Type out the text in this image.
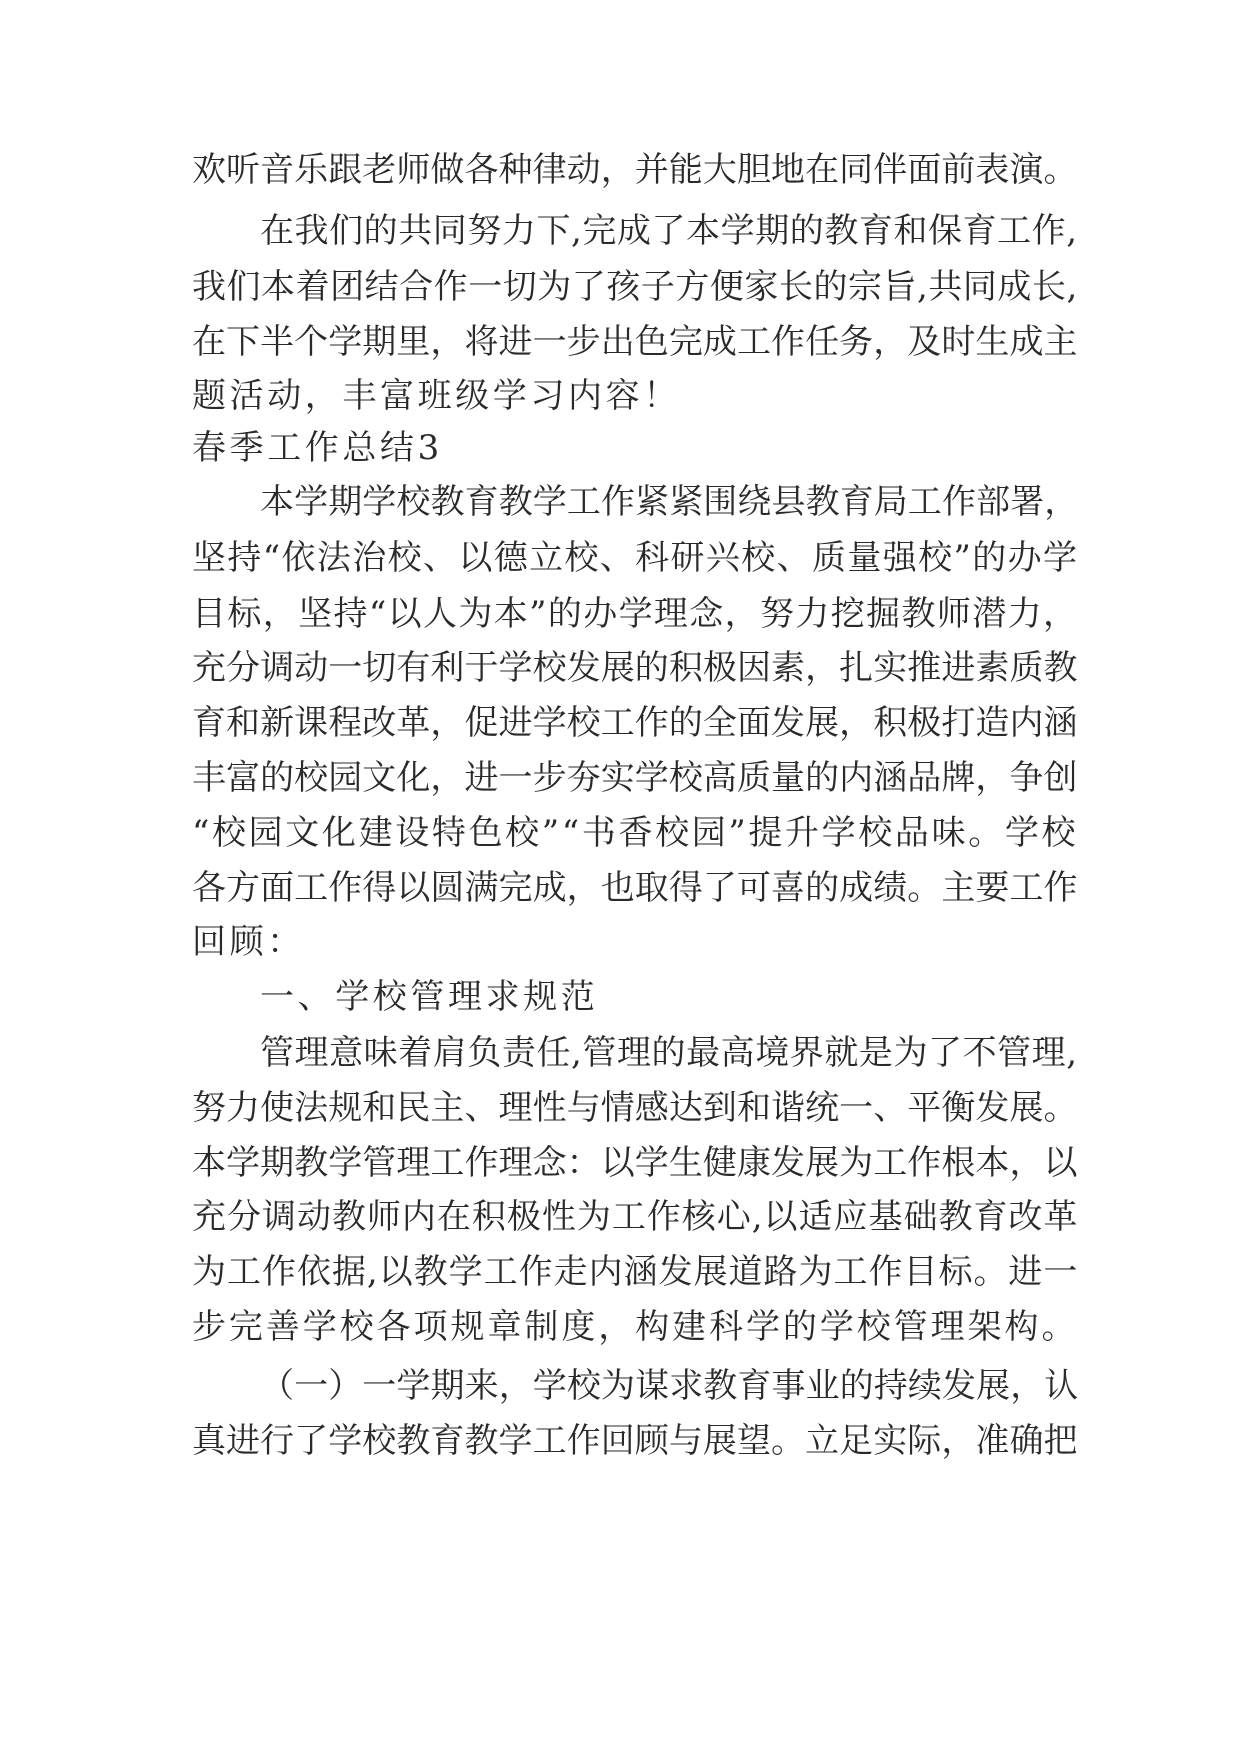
欢听音乐跟老师做各种律动，并能大胆地在同伴面前表演。
在我们的共同努力下,完成了本学期的教育和保育工作,
我们本着团结合作一切为了孩子方便家长的宗旨,共同成长,
在下半个学期里，将进一步出色完成工作任务，及时生成主
题活动，丰富班级学习内容！
春季工作总结3
本学期学校教育教学工作紧紧围绕县教育局工作部署，
坚持“依法治校、以德立校、科研兴校、质量强校”的办学
目标，坚持“以人为本”的办学理念，努力挖掘教师潜力，
充分调动一切有利于学校发展的积极因素，扎实推进素质教
育和新课程改革，促进学校工作的全面发展，积极打造内涵
丰富的校园文化，进一步夯实学校高质量的内涵品牌，争创
“校园文化建设特色校”“书香校园”提升学校品味。学校
各方面工作得以圆满完成，也取得了可喜的成绩。主要工作
回顾：
一、学校管理求规范
管理意味着肩负责任,管理的最高境界就是为了不管理,
努力使法规和民主、理性与情感达到和谐统一、平衡发展。
本学期教学管理工作理念：以学生健康发展为工作根本，以
充分调动教师内在积极性为工作核心,以适应基础教育改革
为工作依据,以教学工作走内涵发展道路为工作目标。进一
步完善学校各项规章制度，构建科学的学校管理架构。
（一）一学期来，学校为谋求教育事业的持续发展，认
真进行了学校教育教学工作回顾与展望。立足实际，准确把
